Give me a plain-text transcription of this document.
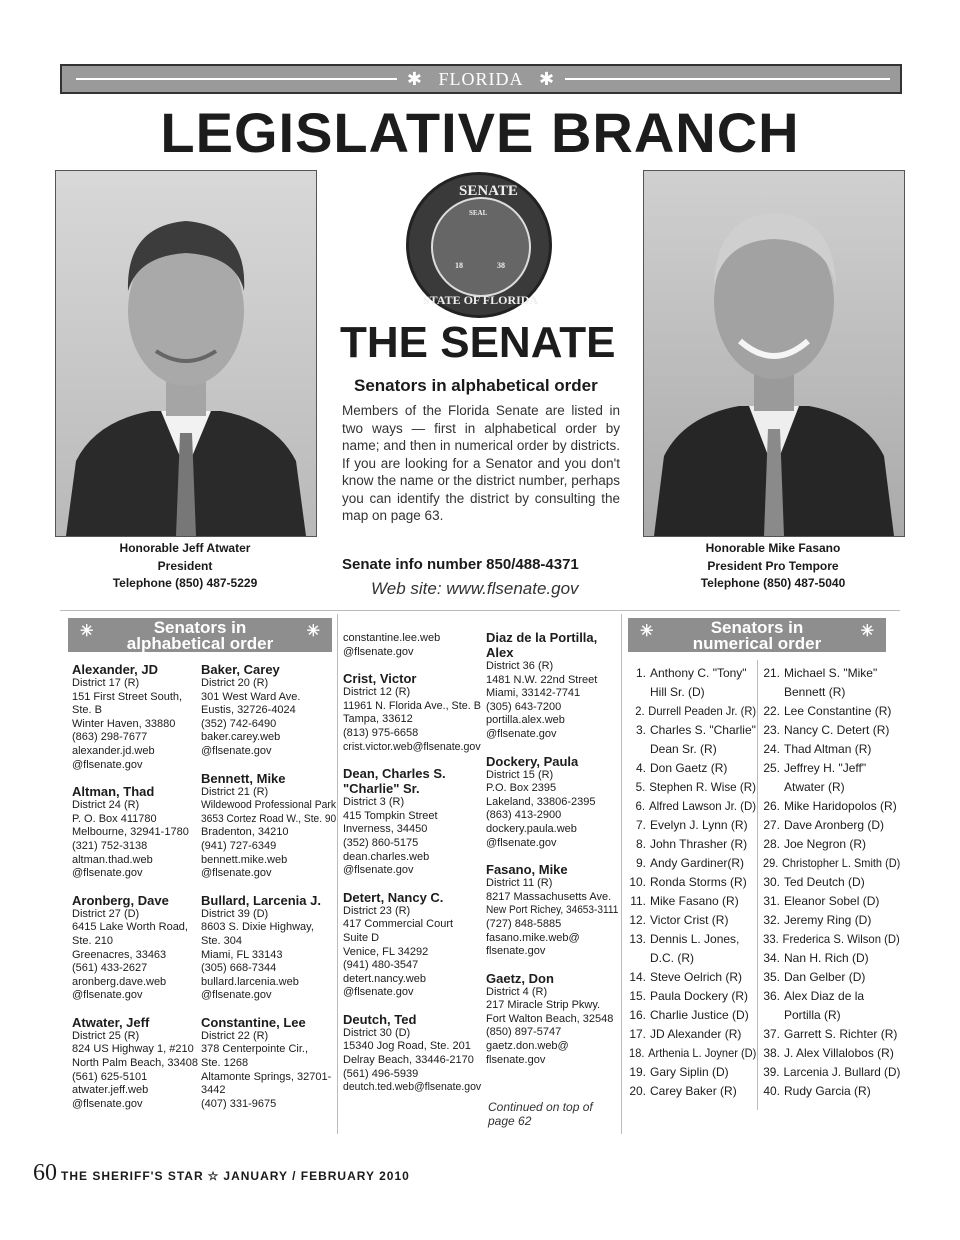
✱ FLORIDA ✱
LEGISLATIVE BRANCH
SENATE
STATE OF FLORIDA
18	38
SEAL
THE SENATE
Senators in alphabetical order
Members of the Florida Senate are listed in two ways — first in alphabetical order by name; and then in numerical order by districts. If you are looking for a Senator and you don't know the name or the district number, perhaps you can identify the district by consulting the map on page 63.
Honorable Jeff Atwater
President
Telephone (850) 487-5229
Honorable Mike Fasano
President Pro Tempore
Telephone (850) 487-5040
Senate info number 850/488-4371
Web site: www.flsenate.gov
✳	Senators in
alphabetical order
✳
Alexander, JD
District 17 (R)
151 First Street South,
Ste. B
Winter Haven, 33880
(863) 298-7677
alexander.jd.web
@flsenate.gov
Altman, Thad
District 24 (R)
P. O. Box 411780
Melbourne, 32941-1780
(321) 752-3138
altman.thad.web
@flsenate.gov
Aronberg, Dave
District 27 (D)
6415 Lake Worth Road,
Ste. 210
Greenacres, 33463
(561) 433-2627
aronberg.dave.web
@flsenate.gov
Atwater, Jeff
District 25 (R)
824 US Highway 1, #210
North Palm Beach, 33408
(561) 625-5101
atwater.jeff.web
@flsenate.gov
Baker, Carey
District 20 (R)
301 West Ward Ave.
Eustis, 32726-4024
(352) 742-6490
baker.carey.web
@flsenate.gov
Bennett, Mike
District 21 (R)
Wildewood Professional Park
3653 Cortez Road W., Ste. 90
Bradenton, 34210
(941) 727-6349
bennett.mike.web
@flsenate.gov
Bullard, Larcenia J.
District 39 (D)
8603 S. Dixie Highway,
Ste. 304
Miami, FL 33143
(305) 668-7344
bullard.larcenia.web
@flsenate.gov
Constantine, Lee
District 22 (R)
378 Centerpointe Cir.,
Ste. 1268
Altamonte Springs, 32701-
3442
(407) 331-9675
constantine.lee.web
@flsenate.gov
Crist, Victor
District 12 (R)
11961 N. Florida Ave., Ste. B
Tampa, 33612
(813) 975-6658
crist.victor.web@flsenate.gov
Dean, Charles S. "Charlie" Sr.
District 3 (R)
415 Tompkin Street
Inverness, 34450
(352) 860-5175
dean.charles.web
@flsenate.gov
Detert, Nancy C.
District 23 (R)
417 Commercial Court
Suite D
Venice, FL 34292
(941) 480-3547
detert.nancy.web
@flsenate.gov
Deutch, Ted
District 30 (D)
15340 Jog Road, Ste. 201
Delray Beach, 33446-2170
(561) 496-5939
deutch.ted.web@flsenate.gov
Diaz de la Portilla, Alex
District 36 (R)
1481 N.W. 22nd Street
Miami, 33142-7741
(305) 643-7200
portilla.alex.web
@flsenate.gov
Dockery, Paula
District 15 (R)
P.O. Box 2395
Lakeland, 33806-2395
(863) 413-2900
dockery.paula.web
@flsenate.gov
Fasano, Mike
District 11 (R)
8217 Massachusetts Ave.
New Port Richey, 34653-3111
(727) 848-5885
fasano.mike.web@
flsenate.gov
Gaetz, Don
District 4 (R)
217 Miracle Strip Pkwy.
Fort Walton Beach, 32548
(850) 897-5747
gaetz.don.web@
flsenate.gov
Continued on top of page 62
✳	Senators in
numerical order
✳
1. Anthony C. "Tony"
Hill Sr. (D)
2. Durrell Peaden Jr. (R)
3. Charles S. "Charlie"
Dean Sr. (R)
4. Don Gaetz (R)
5. Stephen R. Wise (R)
6. Alfred Lawson Jr. (D)
7. Evelyn J. Lynn (R)
8. John Thrasher (R)
9. Andy Gardiner(R)
10. Ronda Storms (R)
11. Mike Fasano (R)
12. Victor Crist (R)
13. Dennis L. Jones,
D.C. (R)
14. Steve Oelrich (R)
15. Paula Dockery (R)
16. Charlie Justice (D)
17. JD Alexander (R)
18. Arthenia L. Joyner (D)
19. Gary Siplin (D)
20. Carey Baker (R)
21. Michael S. "Mike"
Bennett (R)
22. Lee Constantine (R)
23. Nancy C. Detert (R)
24. Thad Altman (R)
25. Jeffrey H. "Jeff"
Atwater (R)
26. Mike Haridopolos (R)
27. Dave Aronberg (D)
28. Joe Negron (R)
29. Christopher L. Smith (D)
30. Ted Deutch (D)
31. Eleanor Sobel (D)
32. Jeremy Ring (D)
33. Frederica S. Wilson (D)
34. Nan H. Rich (D)
35. Dan Gelber (D)
36. Alex Diaz de la
Portilla (R)
37. Garrett S. Richter (R)
38. J. Alex Villalobos (R)
39. Larcenia J. Bullard (D)
40. Rudy Garcia (R)
60 THE SHERIFF'S STAR ☆ JANUARY / FEBRUARY 2010
